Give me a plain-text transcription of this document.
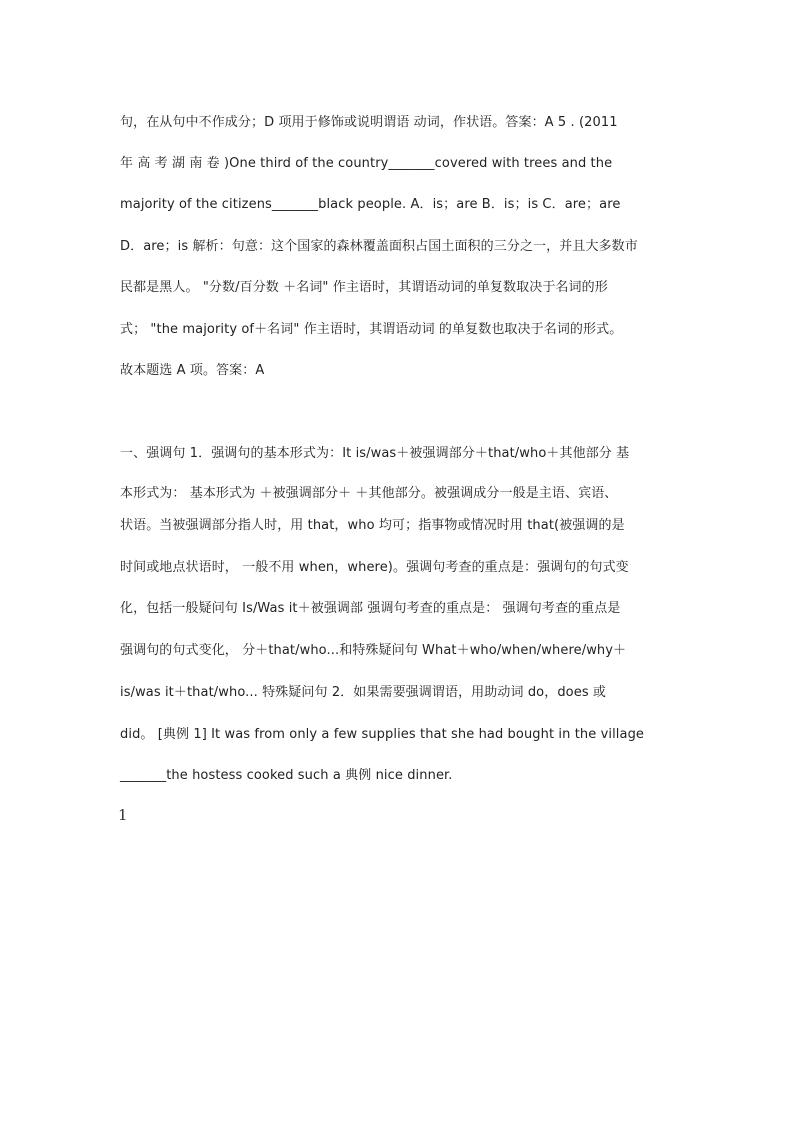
句，在从句中不作成分；D 项用于修饰或说明谓语 动词，作状语。答案：A 5 . (2011
年 高 考 湖 南 卷 )One third of the country_______covered with trees and the
majority of the citizens_______black people. A．is；are B．is；is C．are；are
D．are；is 解析：句意：这个国家的森林覆盖面积占国土面积的三分之一，并且大多数市
民都是黑人。 "分数/百分数 ＋名词" 作主语时，其谓语动词的单复数取决于名词的形
式； "the majority of＋名词" 作主语时，其谓语动词 的单复数也取决于名词的形式。
故本题选 A 项。答案：A
一、强调句 1．强调句的基本形式为：It is/was＋被强调部分＋that/who＋其他部分 基
本形式为： 基本形式为 ＋被强调部分＋ ＋其他部分。被强调成分一般是主语、宾语、
状语。当被强调部分指人时，用 that，who 均可；指事物或情况时用 that(被强调的是
时间或地点状语时， 一般不用 when，where)。强调句考查的重点是：强调句的句式变
化，包括一般疑问句 Is/Was it＋被强调部 强调句考查的重点是： 强调句考查的重点是
强调句的句式变化， 分＋that/who...和特殊疑问句 What＋who/when/where/why＋
is/was it＋that/who... 特殊疑问句 2．如果需要强调谓语，用助动词 do，does 或
did。 [典例 1] It was from only a few supplies that she had bought in the village
_______the hostess cooked such a 典例 nice dinner.
1
